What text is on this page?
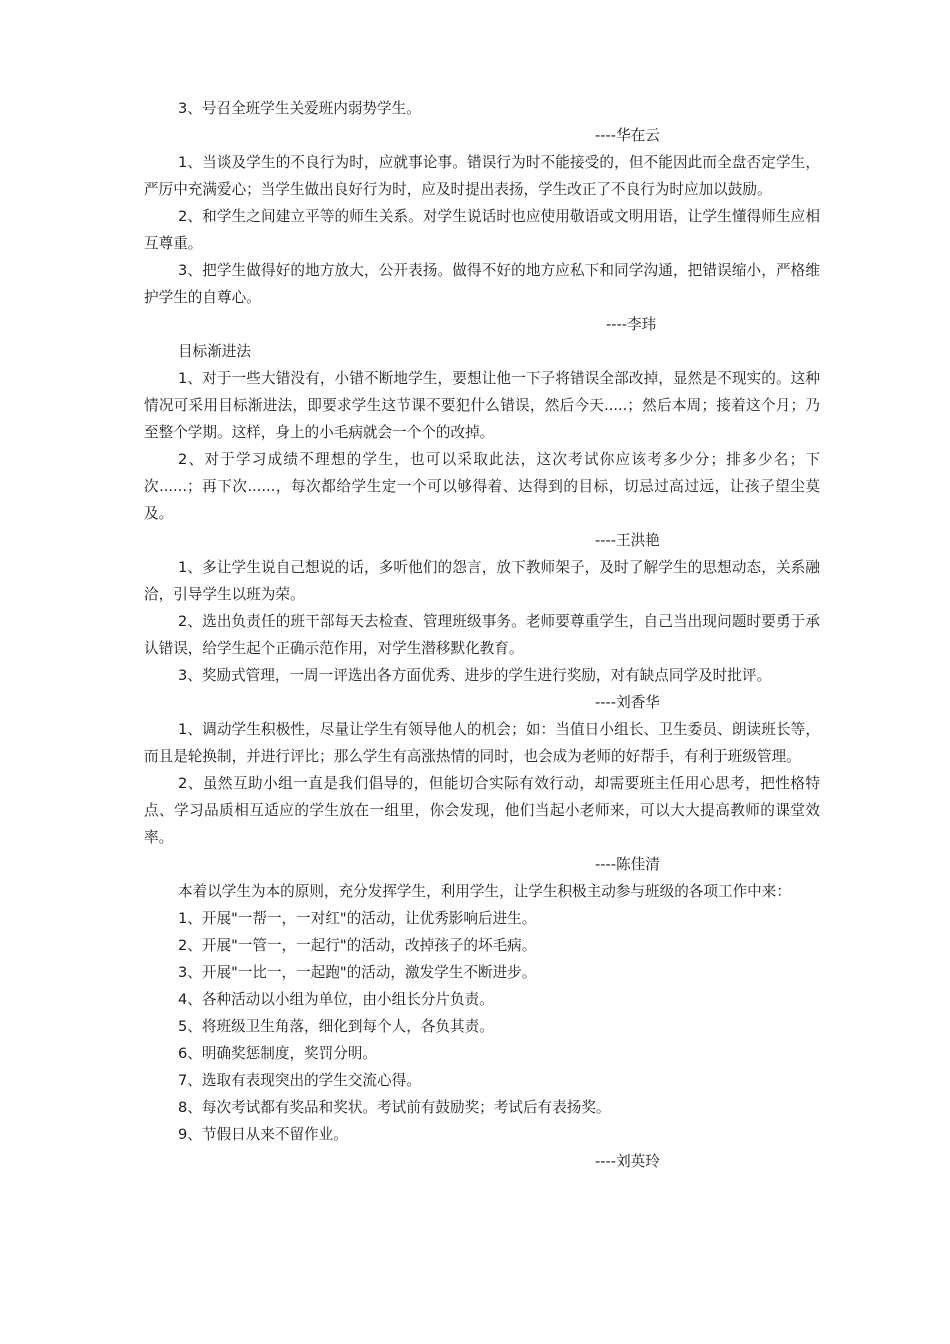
3、号召全班学生关爱班内弱势学生。

----华在云

1、当谈及学生的不良行为时，应就事论事。错误行为时不能接受的，但不能因此而全盘否定学生，严厉中充满爱心；当学生做出良好行为时，应及时提出表扬，学生改正了不良行为时应加以鼓励。

2、和学生之间建立平等的师生关系。对学生说话时也应使用敬语或文明用语，让学生懂得师生应相互尊重。

3、把学生做得好的地方放大，公开表扬。做得不好的地方应私下和同学沟通，把错误缩小，严格维护学生的自尊心。

----李玮

目标渐进法

1、对于一些大错没有，小错不断地学生，要想让他一下子将错误全部改掉，显然是不现实的。这种情况可采用目标渐进法，即要求学生这节课不要犯什么错误，然后今天.....；然后本周；接着这个月；乃至整个学期。这样，身上的小毛病就会一个个的改掉。

2、对于学习成绩不理想的学生，也可以采取此法，这次考试你应该考多少分；排多少名；下次......；再下次......，每次都给学生定一个可以够得着、达得到的目标，切忌过高过远，让孩子望尘莫及。

----王洪艳

1、多让学生说自己想说的话，多听他们的怨言，放下教师架子，及时了解学生的思想动态，关系融洽，引导学生以班为荣。

2、选出负责任的班干部每天去检查、管理班级事务。老师要尊重学生，自己当出现问题时要勇于承认错误，给学生起个正确示范作用，对学生潜移默化教育。

3、奖励式管理，一周一评选出各方面优秀、进步的学生进行奖励，对有缺点同学及时批评。

----刘香华

1、调动学生积极性，尽量让学生有领导他人的机会；如：当值日小组长、卫生委员、朗读班长等，而且是轮换制，并进行评比；那么学生有高涨热情的同时，也会成为老师的好帮手，有利于班级管理。

2、虽然互助小组一直是我们倡导的，但能切合实际有效行动，却需要班主任用心思考，把性格特点、学习品质相互适应的学生放在一组里，你会发现，他们当起小老师来，可以大大提高教师的课堂效率。

----陈佳清

本着以学生为本的原则，充分发挥学生，利用学生，让学生积极主动参与班级的各项工作中来：

1、开展"一帮一，一对红"的活动，让优秀影响后进生。

2、开展"一管一，一起行"的活动，改掉孩子的坏毛病。

3、开展"一比一，一起跑"的活动，激发学生不断进步。

4、各种活动以小组为单位，由小组长分片负责。

5、将班级卫生角落，细化到每个人，各负其责。

6、明确奖惩制度，奖罚分明。

7、选取有表现突出的学生交流心得。

8、每次考试都有奖品和奖状。考试前有鼓励奖；考试后有表扬奖。

9、节假日从来不留作业。

----刘英玲
